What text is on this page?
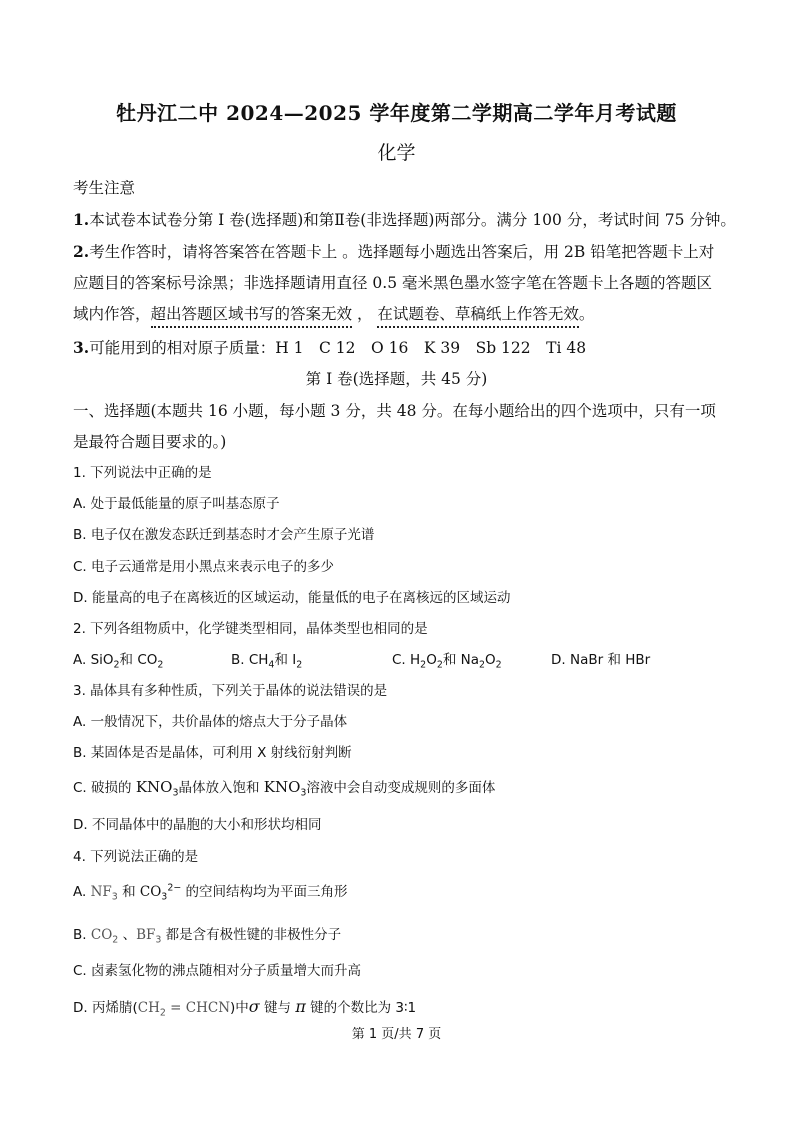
牡丹江二中 2024—2025 学年度第二学期高二学年月考试题
化学
考生注意
1.本试卷本试卷分第 I 卷(选择题)和第Ⅱ卷(非选择题)两部分。满分 100 分，考试时间 75 分钟。
2.考生作答时，请将答案答在答题卡上 。选择题每小题选出答案后，用 2B 铅笔把答题卡上对
应题目的答案标号涂黑；非选择题请用直径 0.5 毫米黑色墨水签字笔在答题卡上各题的答题区
域内作答，超出答题区域书写的答案无效 ， 在试题卷、草稿纸上作答无效。
3.可能用到的相对原子质量：H 1　C 12　O 16　K 39　Sb 122　Ti 48
第 I 卷(选择题，共 45 分)
一、选择题(本题共 16 小题，每小题 3 分，共 48 分。在每小题给出的四个选项中，只有一项
是最符合题目要求的。)
1. 下列说法中正确的是
A. 处于最低能量的原子叫基态原子
B. 电子仅在激发态跃迁到基态时才会产生原子光谱
C. 电子云通常是用小黑点来表示电子的多少
D. 能量高的电子在离核近的区域运动，能量低的电子在离核远的区域运动
2. 下列各组物质中，化学键类型相同，晶体类型也相同的是
A. SiO$_2$和 $CO_2$	B. $CH_4$和 $I_2$	C. $H_2O_2$和 $Na_2O_2$	D. NaBr 和 HBr
3. 晶体具有多种性质，下列关于晶体的说法错误的是
A. 一般情况下，共价晶体的熔点大于分子晶体
B. 某固体是否是晶体，可利用 X 射线衍射判断
C. 破损的 $KNO_3$晶体放入饱和 $KNO_3$溶液中会自动变成规则的多面体
D. 不同晶体中的晶胞的大小和形状均相同
4. 下列说法正确的是
A. $NF_3$ 和 $CO_3^{2-}$ 的空间结构均为平面三角形
B. $CO_2$ 、$BF_3$ 都是含有极性键的非极性分子
C. 卤素氢化物的沸点随相对分子质量增大而升高
D. 丙烯腈($CH_2$ = CHCN)中σ 键与 π 键的个数比为 3∶1
第 1 页/共 7 页
